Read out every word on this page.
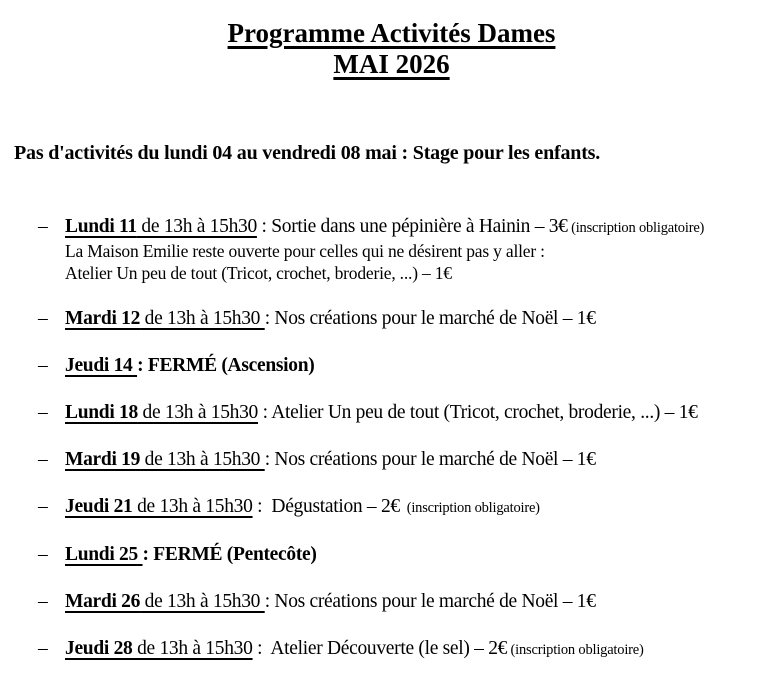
Programme Activités Dames
MAI 2026

Pas d'activités du lundi 04 au vendredi 08 mai : Stage pour les enfants.

– Lundi 11 de 13h à 15h30 : Sortie dans une pépinière à Hainin – 3€ (inscription obligatoire)
La Maison Emilie reste ouverte pour celles qui ne désirent pas y aller :
Atelier Un peu de tout (Tricot, crochet, broderie, ...) – 1€
– Mardi 12 de 13h à 15h30 : Nos créations pour le marché de Noël – 1€
– Jeudi 14 : FERMÉ (Ascension)
– Lundi 18 de 13h à 15h30 : Atelier Un peu de tout (Tricot, crochet, broderie, ...) – 1€
– Mardi 19 de 13h à 15h30 : Nos créations pour le marché de Noël – 1€
– Jeudi 21 de 13h à 15h30 :  Dégustation – 2€  (inscription obligatoire)
– Lundi 25 : FERMÉ (Pentecôte)
– Mardi 26 de 13h à 15h30 : Nos créations pour le marché de Noël – 1€
– Jeudi 28 de 13h à 15h30 :  Atelier Découverte (le sel) – 2€ (inscription obligatoire)
